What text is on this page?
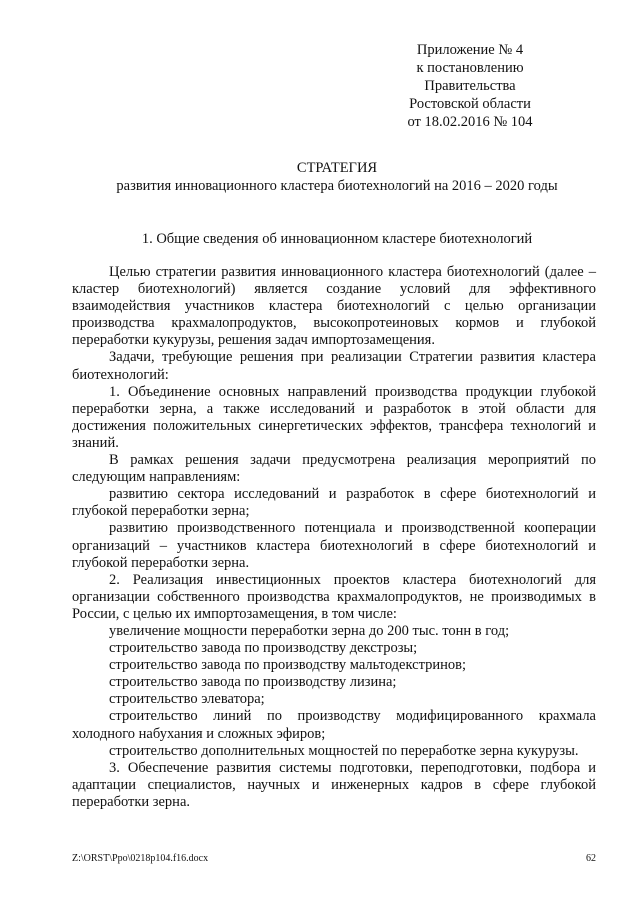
Приложение № 4
к постановлению
Правительства
Ростовской области
от 18.02.2016 № 104
СТРАТЕГИЯ
развития инновационного кластера биотехнологий на 2016 – 2020 годы
1. Общие сведения об инновационном кластере биотехнологий

Целью стратегии развития инновационного кластера биотехнологий (далее – кластер биотехнологий) является создание условий для эффективного взаимодействия участников кластера биотехнологий с целью организации производства крахмалопродуктов, высокопротеиновых кормов и глубокой переработки кукурузы, решения задач импортозамещения.

Задачи, требующие решения при реализации Стратегии развития кластера биотехнологий:

1. Объединение основных направлений производства продукции глубокой переработки зерна, а также исследований и разработок в этой области для достижения положительных синергетических эффектов, трансфера технологий и знаний.

В рамках решения задачи предусмотрена реализация мероприятий по следующим направлениям:

развитию сектора исследований и разработок в сфере биотехнологий и глубокой переработки зерна;

развитию производственного потенциала и производственной кооперации организаций – участников кластера биотехнологий в сфере биотехнологий и глубокой переработки зерна.

2. Реализация инвестиционных проектов кластера биотехнологий для организации собственного производства крахмалопродуктов, не производимых в России, с целью их импортозамещения, в том числе:

увеличение мощности переработки зерна до 200 тыс. тонн в год;

строительство завода по производству декстрозы;

строительство завода по производству мальтодекстринов;

строительство завода по производству лизина;

строительство элеватора;

строительство линий по производству модифицированного крахмала холодного набухания и сложных эфиров;

строительство дополнительных мощностей по переработке зерна кукурузы.

3. Обеспечение развития системы подготовки, переподготовки, подбора и адаптации специалистов, научных и инженерных кадров в сфере глубокой переработки зерна.

Z:\ORST\Ppo\0218p104.f16.docx	62
